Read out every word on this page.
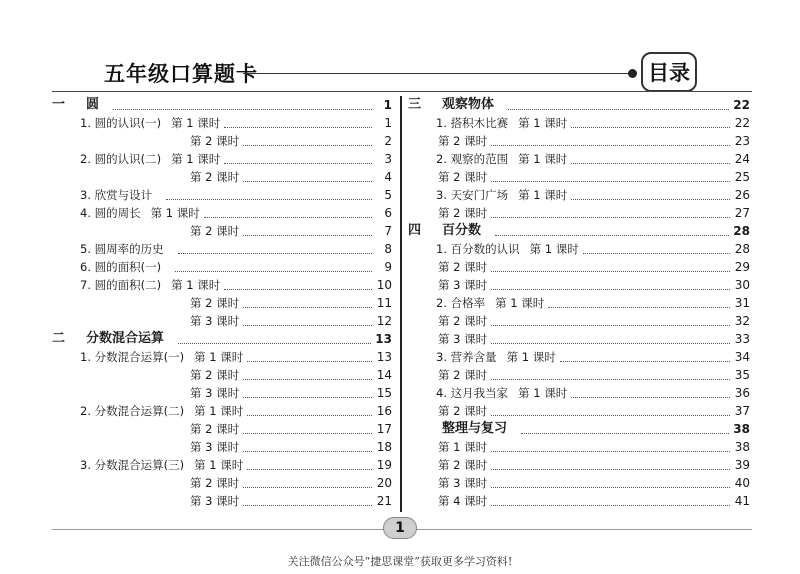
五年级口算题卡	目录
一	圆	1
1. 圆的认识(一) 第 1 课时	1
第 2 课时	2
2. 圆的认识(二) 第 1 课时	3
第 2 课时	4
3. 欣赏与设计	5
4. 圆的周长 第 1 课时	6
第 2 课时	7
5. 圆周率的历史	8
6. 圆的面积(一)	9
7. 圆的面积(二) 第 1 课时	10
第 2 课时	11
第 3 课时	12
二	分数混合运算	13
1. 分数混合运算(一) 第 1 课时	13
第 2 课时	14
第 3 课时	15
2. 分数混合运算(二) 第 1 课时	16
第 2 课时	17
第 3 课时	18
3. 分数混合运算(三) 第 1 课时	19
第 2 课时	20
第 3 课时	21
三	观察物体	22
1. 搭积木比赛 第 1 课时	22
第 2 课时	23
2. 观察的范围 第 1 课时	24
第 2 课时	25
3. 天安门广场 第 1 课时	26
第 2 课时	27
四	百分数	28
1. 百分数的认识 第 1 课时	28
第 2 课时	29
第 3 课时	30
2. 合格率 第 1 课时	31
第 2 课时	32
第 3 课时	33
3. 营养含量 第 1 课时	34
第 2 课时	35
4. 这月我当家 第 1 课时	36
第 2 课时	37
整理与复习	38
第 1 课时	38
第 2 课时	39
第 3 课时	40
第 4 课时	41
1
关注微信公众号“捷思课堂”获取更多学习资料!
